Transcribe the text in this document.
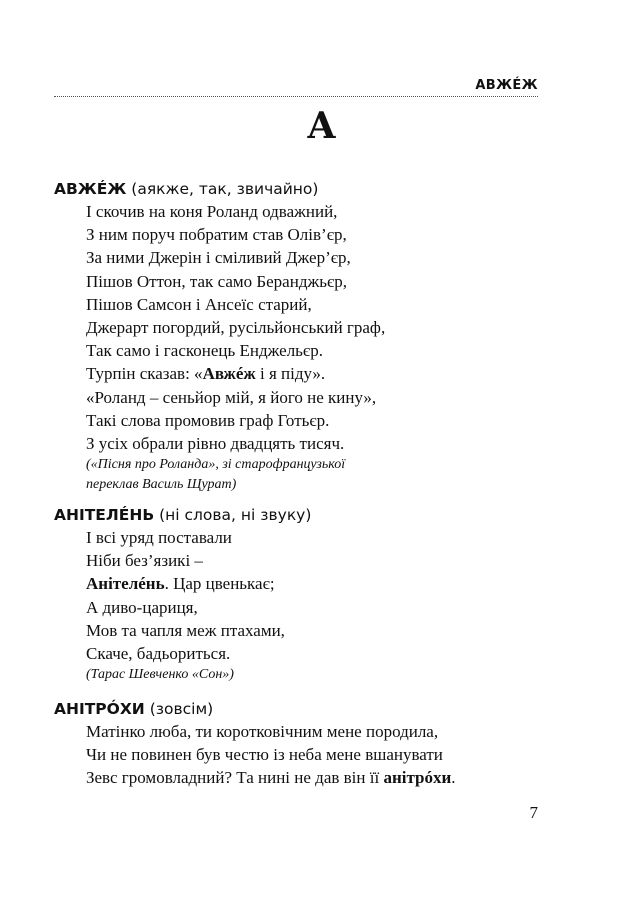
АВЖÉЖ
А
АВЖÉЖ (аякже, так, звичайно)
І скочив на коня Роланд одважний,
З ним поруч побратим став Олів’єр,
За ними Джерін і сміливий Джер’єр,
Пішов Оттон, так само Беранджьєр,
Пішов Самсон і Ансеїс старий,
Джерарт погордий, русільйонський граф,
Так само і гасконець Енджельєр.
Турпін сказав: «Авжéж і я піду».
«Роланд – сеньйор мій, я його не кину»,
Такі слова промовив граф Готьєр.
З усіх обрали рівно двадцять тисяч.
(«Пісня про Роланда», зі старофранцузької
переклав Василь Щурат)
АНІТЕЛÉНЬ (ні слова, ні звуку)
І всі уряд поставали
Ніби без’язикі –
Анітелéнь. Цар цвенькає;
А диво-цариця,
Мов та чапля меж птахами,
Скаче, бадьориться.
(Тарас Шевченко «Сон»)
АНІТРÓХИ (зовсім)
Матінко люба, ти коротковічним мене породила,
Чи не повинен був честю із неба мене вшанувати
Зевс громовладний? Та нині не дав він її анітрóхи.
7
